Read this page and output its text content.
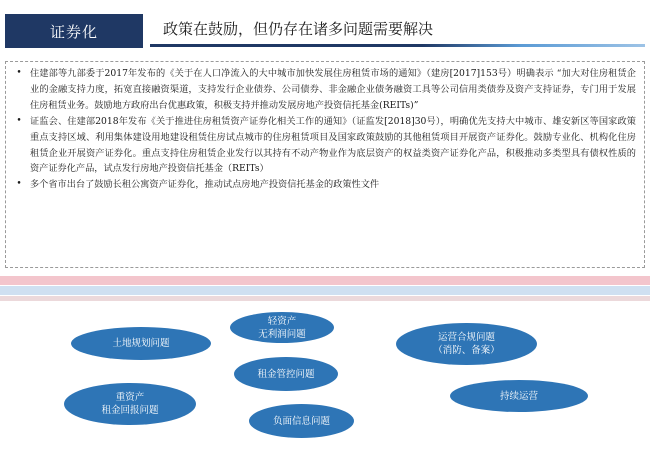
证券化	政策在鼓励，但仍存在诸多问题需要解决
• 住建部等九部委于2017年发布的《关于在人口净流入的大中城市加快发展住房租赁市场的通知》（建房[2017]153号）明确表示 “加大对住房租赁企业的金融支持力度，拓宽直接融资渠道，支持发行企业债券、公司债券、非金融企业债务融资工具等公司信用类债券及资产支持证券，专门用于发展住房租赁业务。鼓励地方政府出台优惠政策，积极支持并推动发展房地产投资信托基金(REITs)”
• 证监会、住建部2018年发布《关于推进住房租赁资产证券化相关工作的通知》（证监发[2018]30号），明确优先支持大中城市、雄安新区等国家政策重点支持区域、利用集体建设用地建设租赁住房试点城市的住房租赁项目及国家政策鼓励的其他租赁项目开展资产证券化。鼓励专业化、机构化住房租赁企业开展资产证券化。重点支持住房租赁企业发行以其持有不动产物业作为底层资产的权益类资产证券化产品，积极推动多类型具有债权性质的资产证券化产品，试点发行房地产投资信托基金（REITs）
• 多个省市出台了鼓励长租公寓资产证券化，推动试点房地产投资信托基金的政策性文件
土地规划问题
轻资产
无利润问题	运营合规问题
（消防、备案）
租金管控问题
重资产
租金回报问题
持续运营
负面信息问题
